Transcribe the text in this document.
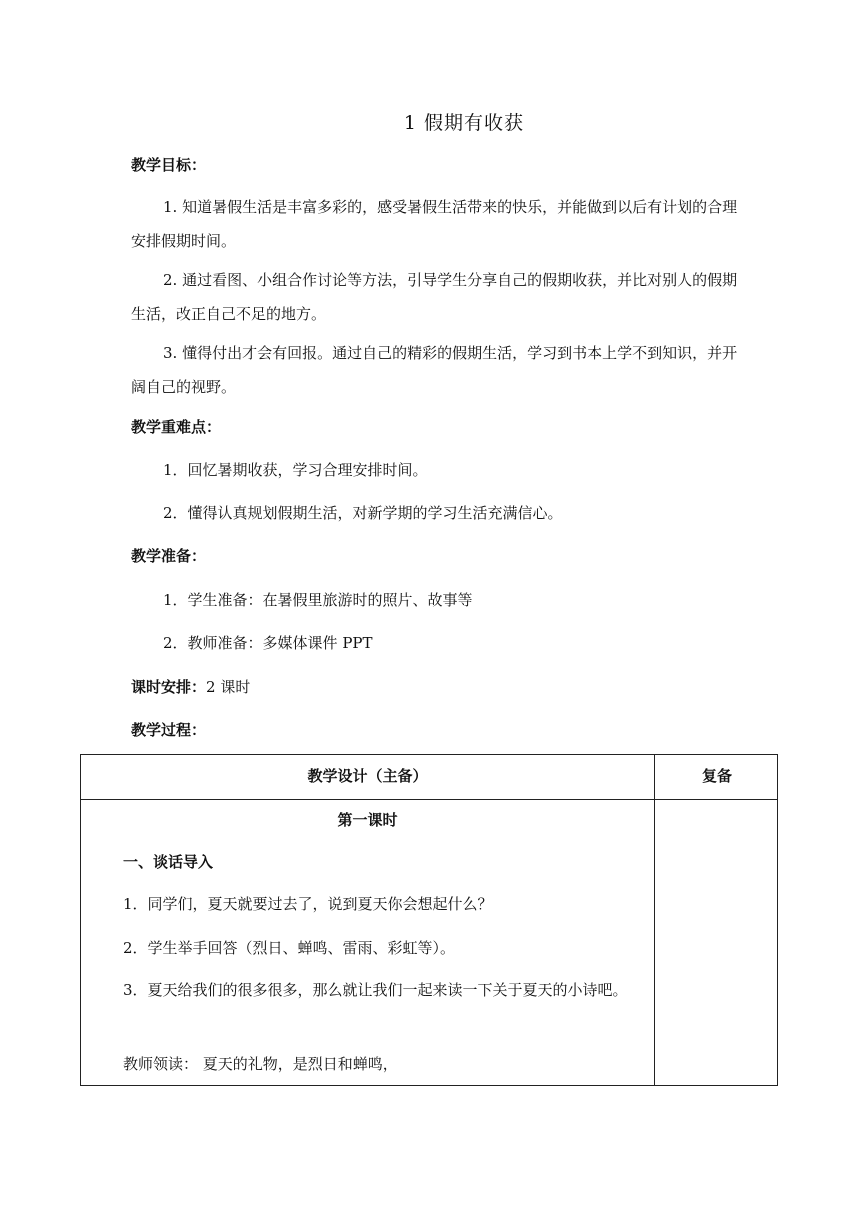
1 假期有收获
教学目标：
1. 知道暑假生活是丰富多彩的，感受暑假生活带来的快乐，并能做到以后有计划的合理安排假期时间。
2. 通过看图、小组合作讨论等方法，引导学生分享自己的假期收获，并比对别人的假期生活，改正自己不足的地方。
3. 懂得付出才会有回报。通过自己的精彩的假期生活，学习到书本上学不到知识，并开阔自己的视野。
教学重难点：
1．回忆暑期收获，学习合理安排时间。
2．懂得认真规划假期生活，对新学期的学习生活充满信心。
教学准备：
1．学生准备：在暑假里旅游时的照片、故事等
2．教师准备：多媒体课件 PPT
课时安排：2 课时
教学过程：
教学设计（主备）	复备
第一课时
一、谈话导入
1．同学们，夏天就要过去了，说到夏天你会想起什么？
2．学生举手回答（烈日、蝉鸣、雷雨、彩虹等）。
3．夏天给我们的很多很多，那么就让我们一起来读一下关于夏天的小诗吧。
教师领读： 夏天的礼物，是烈日和蝉鸣，
